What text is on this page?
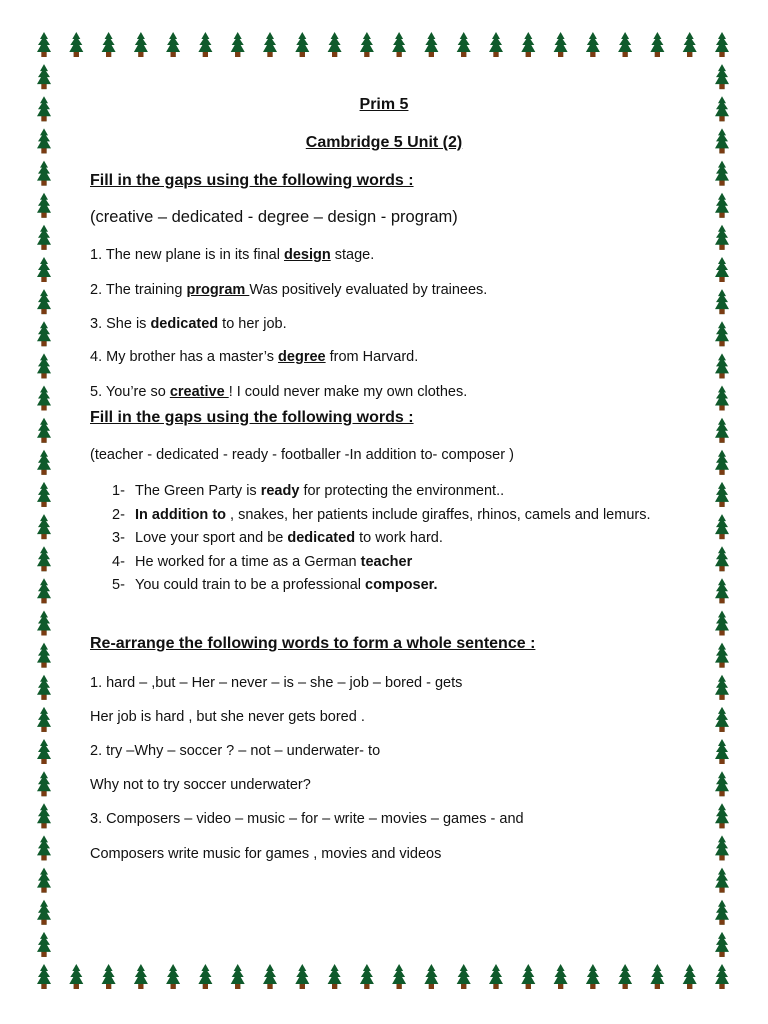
Prim 5
Cambridge 5 Unit (2)
Fill in the gaps using the following words :
(creative – dedicated - degree – design - program)
1. The new plane is in its final design stage.
2. The training program Was positively evaluated by trainees.
3. She is dedicated to her job.
4. My brother has a master’s degree from Harvard.
5. You’re so creative ! I could never make my own clothes.
Fill in the gaps using the following words :
(teacher - dedicated - ready - footballer -In addition to- composer )
1- The Green Party is ready for protecting the environment..
2- In addition to , snakes, her patients include giraffes, rhinos, camels and lemurs.
3- Love your sport and be dedicated to work hard.
4- He worked for a time as a German teacher
5- You could train to be a professional composer.
Re-arrange the following words to form a whole sentence :
1. hard – ,but – Her – never – is – she – job – bored - gets
Her job is hard , but she never gets bored .
2. try –Why – soccer ? – not – underwater- to
Why not to try soccer underwater?
3. Composers – video – music – for – write – movies – games - and
Composers write music for games , movies and videos
